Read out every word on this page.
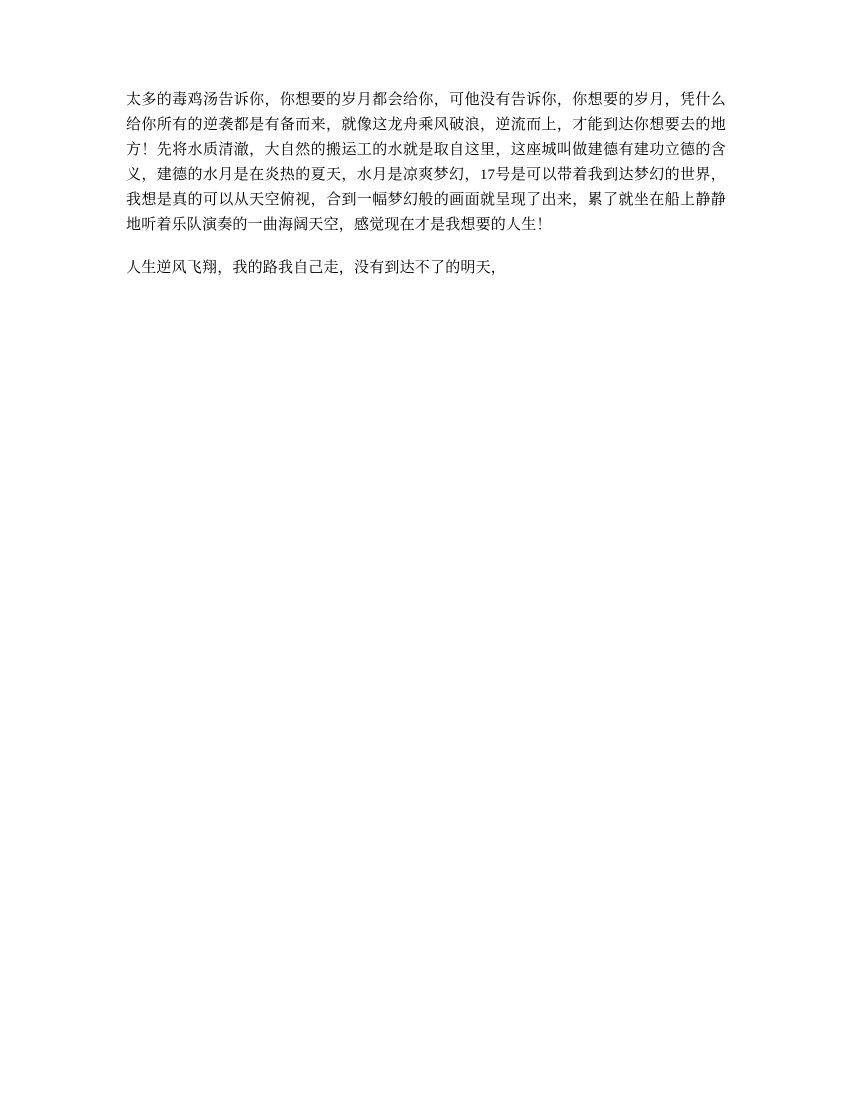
太多的毒鸡汤告诉你，你想要的岁月都会给你，可他没有告诉你，你想要的岁月，凭什么给你所有的逆袭都是有备而来，就像这龙舟乘风破浪，逆流而上，才能到达你想要去的地方！先将水质清澈，大自然的搬运工的水就是取自这里，这座城叫做建德有建功立德的含义，建德的水月是在炎热的夏天，水月是凉爽梦幻，17号是可以带着我到达梦幻的世界，我想是真的可以从天空俯视，合到一幅梦幻般的画面就呈现了出来，累了就坐在船上静静地听着乐队演奏的一曲海阔天空，感觉现在才是我想要的人生！

人生逆风飞翔，我的路我自己走，没有到达不了的明天，
